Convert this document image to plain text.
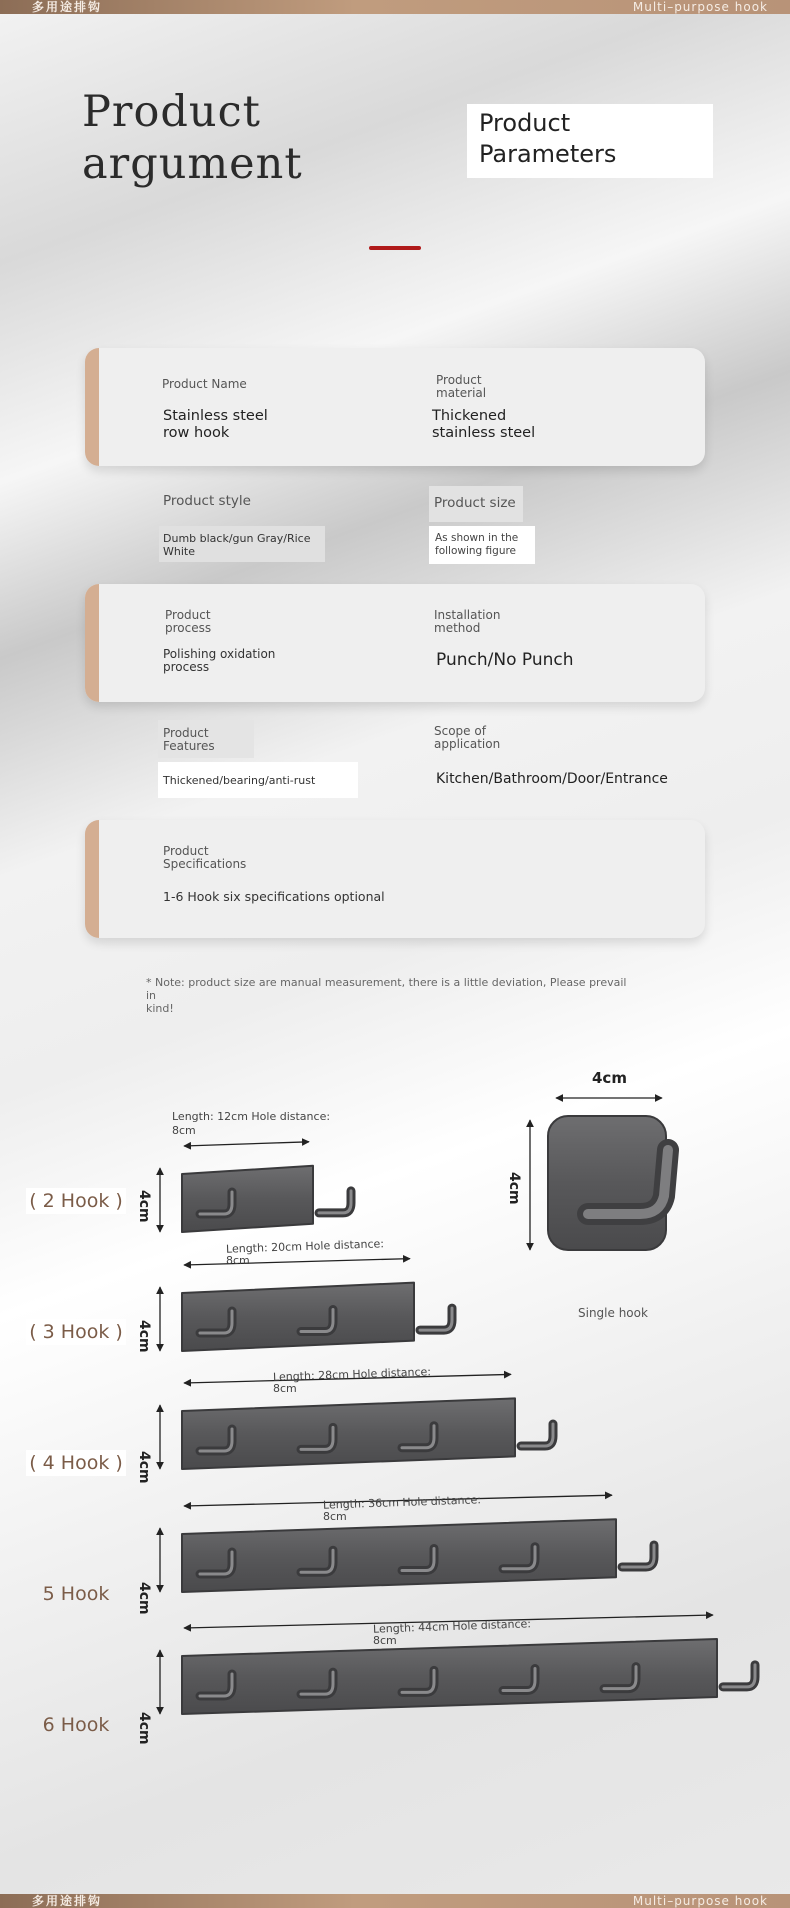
多用途排钩	Multi–purpose hook
Product
argument
Product
Parameters
Product Name
Stainless steel
row hook
Product
material
Thickened
stainless steel
Product style
Dumb black/gun Gray/Rice
White
Product size
As shown in the
following figure
Product
process
Polishing oxidation
process
Installation
method
Punch/No Punch
Product
Features
Thickened/bearing/anti-rust
Scope of
application
Kitchen/Bathroom/Door/Entrance
Product
Specifications
1-6 Hook six specifications optional
* Note: product size are manual measurement, there is a little deviation, Please prevail in
kind!
4cm
4cm
Single hook
( 2 Hook )
( 3 Hook )
( 4 Hook )
5 Hook
6 Hook
Length: 12cm Hole distance:
8cm
Length: 20cm Hole distance:
8cm
Length: 28cm Hole distance:
8cm
Length: 36cm Hole distance:
8cm
Length: 44cm Hole distance:
8cm
4cm
4cm
4cm
4cm
4cm
多用途排钩	Multi–purpose hook
